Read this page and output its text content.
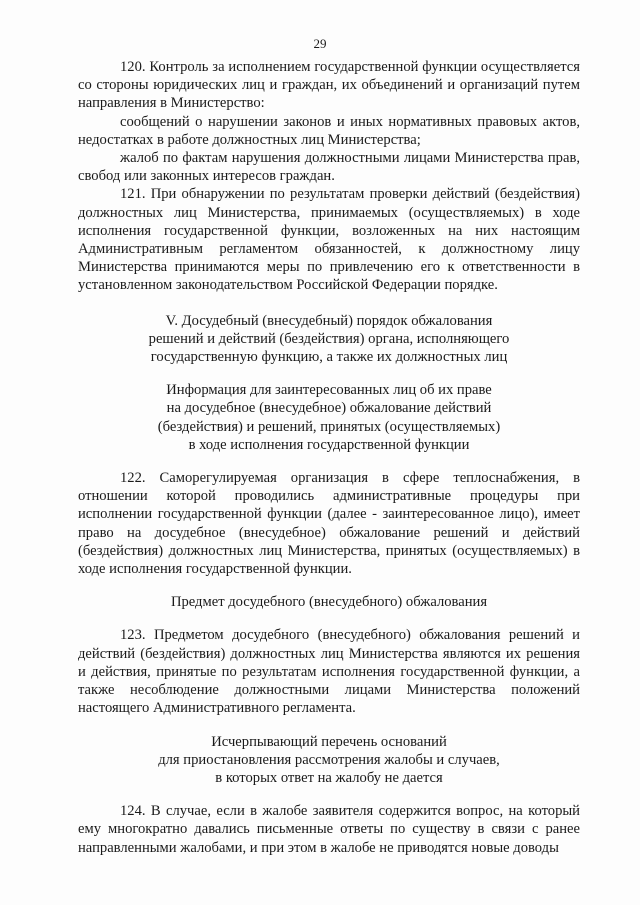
29

120. Контроль за исполнением государственной функции осуществляется со стороны юридических лиц и граждан, их объединений и организаций путем направления в Министерство:

сообщений о нарушении законов и иных нормативных правовых актов, недостатках в работе должностных лиц Министерства;

жалоб по фактам нарушения должностными лицами Министерства прав, свобод или законных интересов граждан.

121. При обнаружении по результатам проверки действий (бездействия) должностных лиц Министерства, принимаемых (осуществляемых) в ходе исполнения государственной функции, возложенных на них настоящим Административным регламентом обязанностей, к должностному лицу Министерства принимаются меры по привлечению его к ответственности в установленном законодательством Российской Федерации порядке.

V. Досудебный (внесудебный) порядок обжалования
решений и действий (бездействия) органа, исполняющего
государственную функцию, а также их должностных лиц
Информация для заинтересованных лиц об их праве
на досудебное (внесудебное) обжалование действий
(бездействия) и решений, принятых (осуществляемых)
в ходе исполнения государственной функции

122. Саморегулируемая организация в сфере теплоснабжения, в отношении которой проводились административные процедуры при исполнении государственной функции (далее - заинтересованное лицо), имеет право на досудебное (внесудебное) обжалование решений и действий (бездействия) должностных лиц Министерства, принятых (осуществляемых) в ходе исполнения государственной функции.

Предмет досудебного (внесудебного) обжалования

123. Предметом досудебного (внесудебного) обжалования решений и действий (бездействия) должностных лиц Министерства являются их решения и действия, принятые по результатам исполнения государственной функции, а также несоблюдение должностными лицами Министерства положений настоящего Административного регламента.

Исчерпывающий перечень оснований
для приостановления рассмотрения жалобы и случаев,
в которых ответ на жалобу не дается

124. В случае, если в жалобе заявителя содержится вопрос, на который ему многократно давались письменные ответы по существу в связи с ранее направленными жалобами, и при этом в жалобе не приводятся новые доводы
